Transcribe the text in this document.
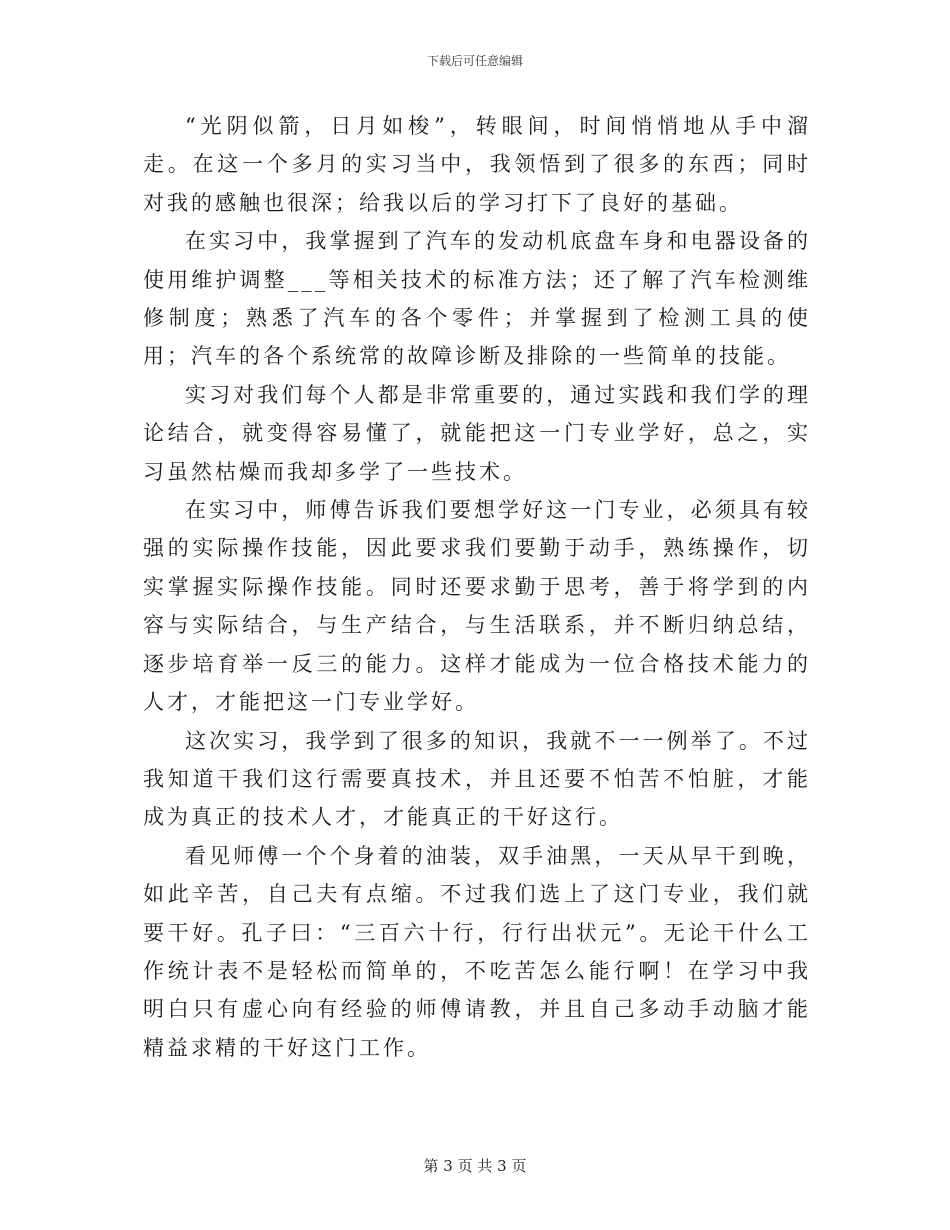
下载后可任意编辑

“光阴似箭，日月如梭”，转眼间，时间悄悄地从手中溜走。在这一个多月的实习当中，我领悟到了很多的东西；同时对我的感触也很深；给我以后的学习打下了良好的基础。

在实习中，我掌握到了汽车的发动机底盘车身和电器设备的使用维护调整___等相关技术的标准方法；还了解了汽车检测维修制度；熟悉了汽车的各个零件；并掌握到了检测工具的使用；汽车的各个系统常的故障诊断及排除的一些简单的技能。

实习对我们每个人都是非常重要的，通过实践和我们学的理论结合，就变得容易懂了，就能把这一门专业学好，总之，实习虽然枯燥而我却多学了一些技术。

在实习中，师傅告诉我们要想学好这一门专业，必须具有较强的实际操作技能，因此要求我们要勤于动手，熟练操作，切实掌握实际操作技能。同时还要求勤于思考，善于将学到的内容与实际结合，与生产结合，与生活联系，并不断归纳总结，逐步培育举一反三的能力。这样才能成为一位合格技术能力的人才，才能把这一门专业学好。

这次实习，我学到了很多的知识，我就不一一例举了。不过我知道干我们这行需要真技术，并且还要不怕苦不怕脏，才能成为真正的技术人才，才能真正的干好这行。

看见师傅一个个身着的油装，双手油黑，一天从早干到晚，如此辛苦，自己夫有点缩。不过我们选上了这门专业，我们就要干好。孔子曰：“三百六十行，行行出状元”。无论干什么工作统计表不是轻松而简单的，不吃苦怎么能行啊！在学习中我明白只有虚心向有经验的师傅请教，并且自己多动手动脑才能精益求精的干好这门工作。

第 3 页 共 3 页
